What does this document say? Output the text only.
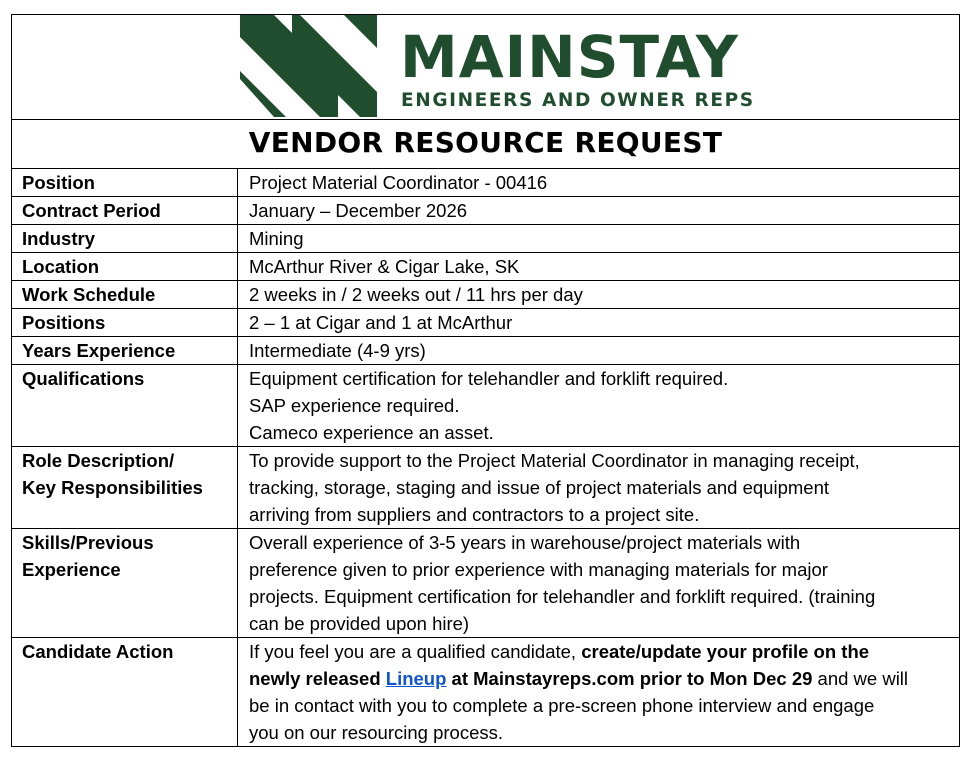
MAINSTAY
ENGINEERS AND OWNER REPS
VENDOR RESOURCE REQUEST
Position	Project Material Coordinator - 00416
Contract Period	January – December 2026
Industry	Mining
Location	McArthur River & Cigar Lake, SK
Work Schedule	2 weeks in / 2 weeks out / 11 hrs per day
Positions	2 – 1 at Cigar and 1 at McArthur
Years Experience	Intermediate (4-9 yrs)
Qualifications	Equipment certification for telehandler and forklift required.
SAP experience required.
Cameco experience an asset.

Role Description/
Key Responsibilities	To provide support to the Project Material Coordinator in managing receipt,
tracking, storage, staging and issue of project materials and equipment
arriving from suppliers and contractors to a project site.

Skills/Previous
Experience	Overall experience of 3-5 years in warehouse/project materials with
preference given to prior experience with managing materials for major
projects. Equipment certification for telehandler and forklift required. (training
can be provided upon hire)

Candidate Action	If you feel you are a qualified candidate, create/update your profile on the
newly released Lineup at Mainstayreps.com prior to Mon Dec 29 and we will
be in contact with you to complete a pre-screen phone interview and engage
you on our resourcing process.
